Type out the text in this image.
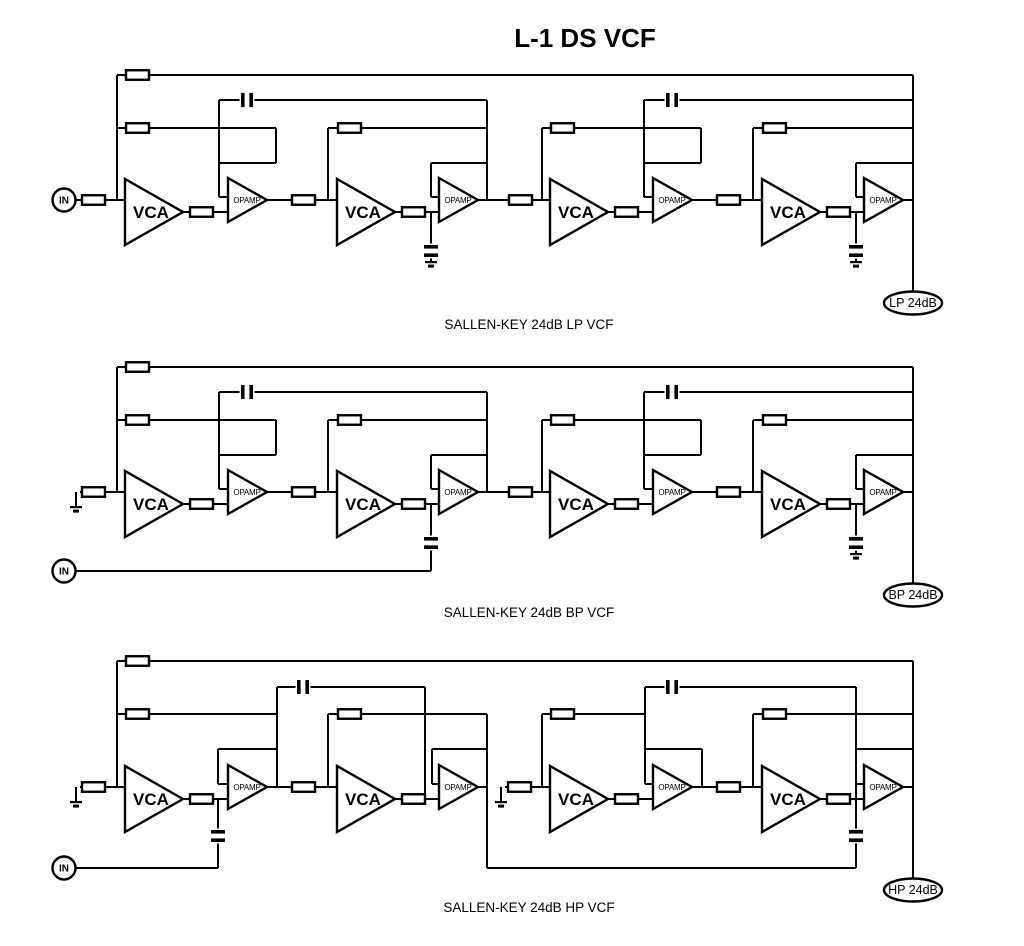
L-1 DS VCF
IN
VCA	VCA	VCA	VCA
OPAMP	OPAMP	OPAMP	OPAMP
LP 24dB
SALLEN-KEY 24dB LP VCF
IN
VCA	VCA	VCA	VCA
OPAMP	OPAMP	OPAMP	OPAMP
BP 24dB
SALLEN-KEY 24dB BP VCF
IN
VCA	VCA	VCA	VCA
OPAMP	OPAMP	OPAMP	OPAMP
HP 24dB
SALLEN-KEY 24dB HP VCF
